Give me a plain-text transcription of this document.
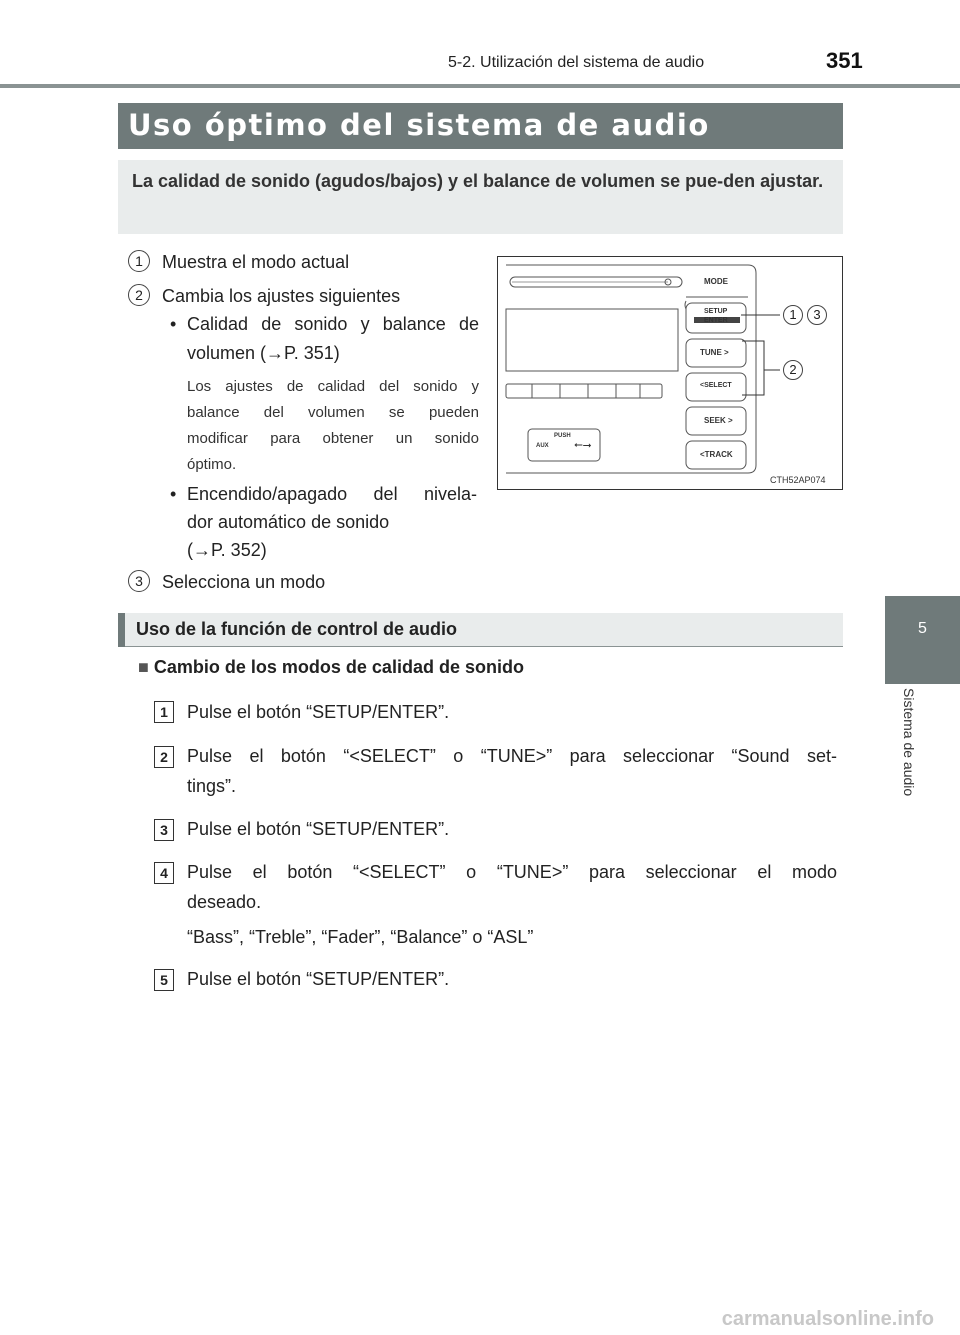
5-2. Utilización del sistema de audio	351
5
Sistema de audio
Uso óptimo del sistema de audio
La calidad de sonido (agudos/bajos) y el balance de volumen se pue-den ajustar.
1	Muestra el modo actual
2	Cambia los ajustes siguientes
• Calidad de sonido y balance de
volumen (→P. 351)
Los ajustes de calidad del sonido y
balance del volumen se pueden
modificar para obtener un sonido
óptimo.
• Encendido/apagado del nivela-
dor automático de sonido
(→P. 352)
3	Selecciona un modo
MODE
SETUP
ENTER
TUNE >
<SELECT
SEEK >
<TRACK
PUSH
AUX ⭠⭢
1	3
2
CTH52AP074
Uso de la función de control de audio
■ Cambio de los modos de calidad de sonido
1	Pulse el botón “SETUP/ENTER”.
2	Pulse el botón “<SELECT” o “TUNE>” para seleccionar “Sound set-
tings”.
3	Pulse el botón “SETUP/ENTER”.
4	Pulse el botón “<SELECT” o “TUNE>” para seleccionar el modo
deseado.
“Bass”, “Treble”, “Fader”, “Balance” o “ASL”
5	Pulse el botón “SETUP/ENTER”.
carmanualsonline.info
